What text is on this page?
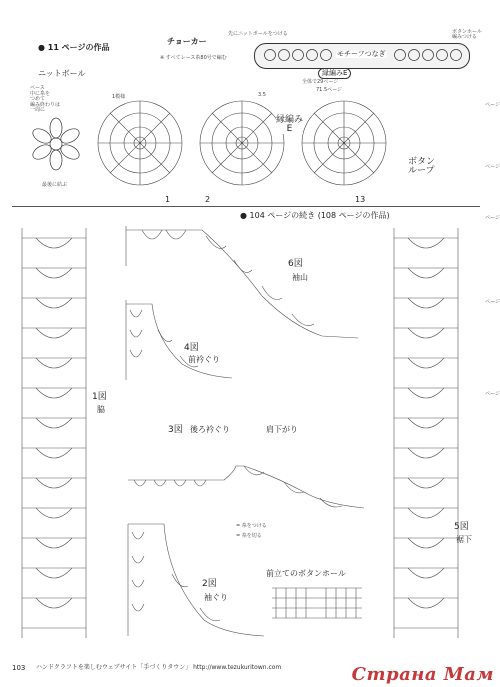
● 11 ページの作品
チョーカー
※ すべてレース糸80号で編む
ニットボール
先にニットボールをつける	ボタンホール
編みつける
モチーフつなぎ
縁編みE
全体で29ページ
71.5ページ
ベース
中に糸を
つめて
編み終わりは
一周に
最後に結ぶ
縁編み
E
ボタン
ループ
3.5
1	2	13
1模様
● 104 ページの続き (108 ページの作品)
6図
袖山
4図
前衿ぐり
1図
脇
3図 後ろ衿ぐり	肩下がり
= 糸をつける
= 糸を切る
2図
袖ぐり
前立てのボタンホール
5図
裾下
ページ
ページ
ページ
ページ
ページ
103 ハンドクラフトを楽しむウェブサイト「手づくりタウン」 http://www.tezukuritown.com	Страна Мам
